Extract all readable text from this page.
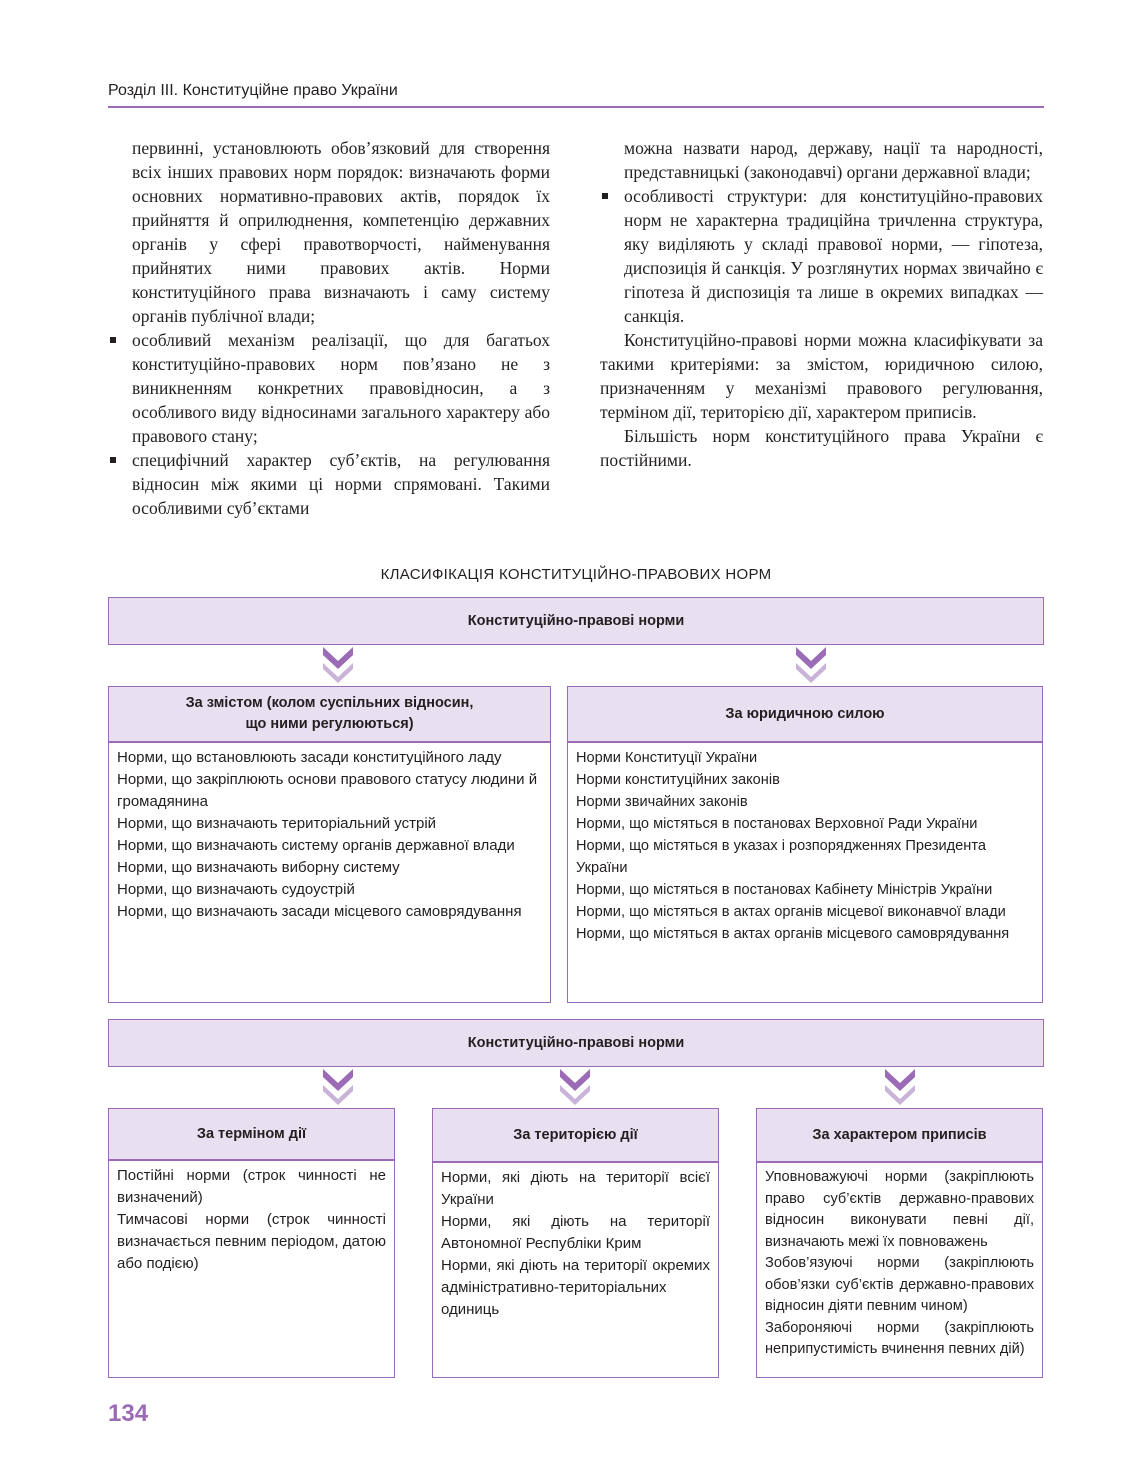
Розділ ІІІ. Конституційне право України

первинні, установлюють обов’язковий для створення всіх інших правових норм порядок: визначають форми основних нормативно-правових актів, порядок їх прийняття й оприлюднення, компетенцію державних органів у сфері правотворчості, найменування прийнятих ними правових актів. Норми конституційного права визначають і саму систему органів публічної влади;

особливий механізм реалізації, що для багатьох конституційно-правових норм пов’язано не з виникненням конкретних правовідносин, а з особливого виду відносинами загального характеру або правового стану;

специфічний характер суб’єктів, на регулювання відносин між якими ці норми спрямовані. Такими особливими суб’єктами

можна назвати народ, державу, нації та народності, представницькі (законодавчі) органи державної влади;

особливості структури: для конституційно-правових норм не характерна традиційна тричленна структура, яку виділяють у складі правової норми, — гіпотеза, диспозиція й санкція. У розглянутих нормах звичайно є гіпотеза й диспозиція та лише в окремих випадках — санкція.

Конституційно-правові норми можна класифікувати за такими критеріями: за змістом, юридичною силою, призначенням у механізмі правового регулювання, терміном дії, територією дії, характером приписів.

Більшість норм конституційного права України є постійними.

КЛАСИФІКАЦІЯ КОНСТИТУЦІЙНО-ПРАВОВИХ НОРМ
Конституційно-правові норми
За змістом (колом суспільних відносин,
що ними регулюються)
Норми, що встановлюють засади конституційного ладу
Норми, що закріплюють основи правового статусу людини й громадянина
Норми, що визначають територіальний устрій
Норми, що визначають систему органів державної влади
Норми, що визначають виборну систему
Норми, що визначають судоустрій
Норми, що визначають засади місцевого самоврядування
За юридичною силою
Норми Конституції України
Норми конституційних законів
Норми звичайних законів
Норми, що містяться в постановах Верховної Ради України
Норми, що містяться в указах і розпорядженнях Президента України
Норми, що містяться в постановах Кабінету Міністрів України
Норми, що містяться в актах органів місцевої виконавчої влади
Норми, що містяться в актах органів місцевого самоврядування
Конституційно-правові норми
За терміном дії
Постійні норми (строк чинності не визначений)
Тимчасові норми (строк чинності визначається певним періодом, датою або подією)
За територією дії
Норми, які діють на території всієї України
Норми, які діють на території Автономної Республіки Крим
Норми, які діють на території окремих адміністративно-територіальних одиниць
За характером приписів
Уповноважуючі норми (закріплюють право суб’єктів державно-правових відносин виконувати певні дії, визначають межі їх повноважень
Зобов’язуючі норми (закріплюють обов’язки суб’єктів державно-правових відносин діяти певним чином)
Забороняючі норми (закріплюють неприпустимість вчинення певних дій)
134
